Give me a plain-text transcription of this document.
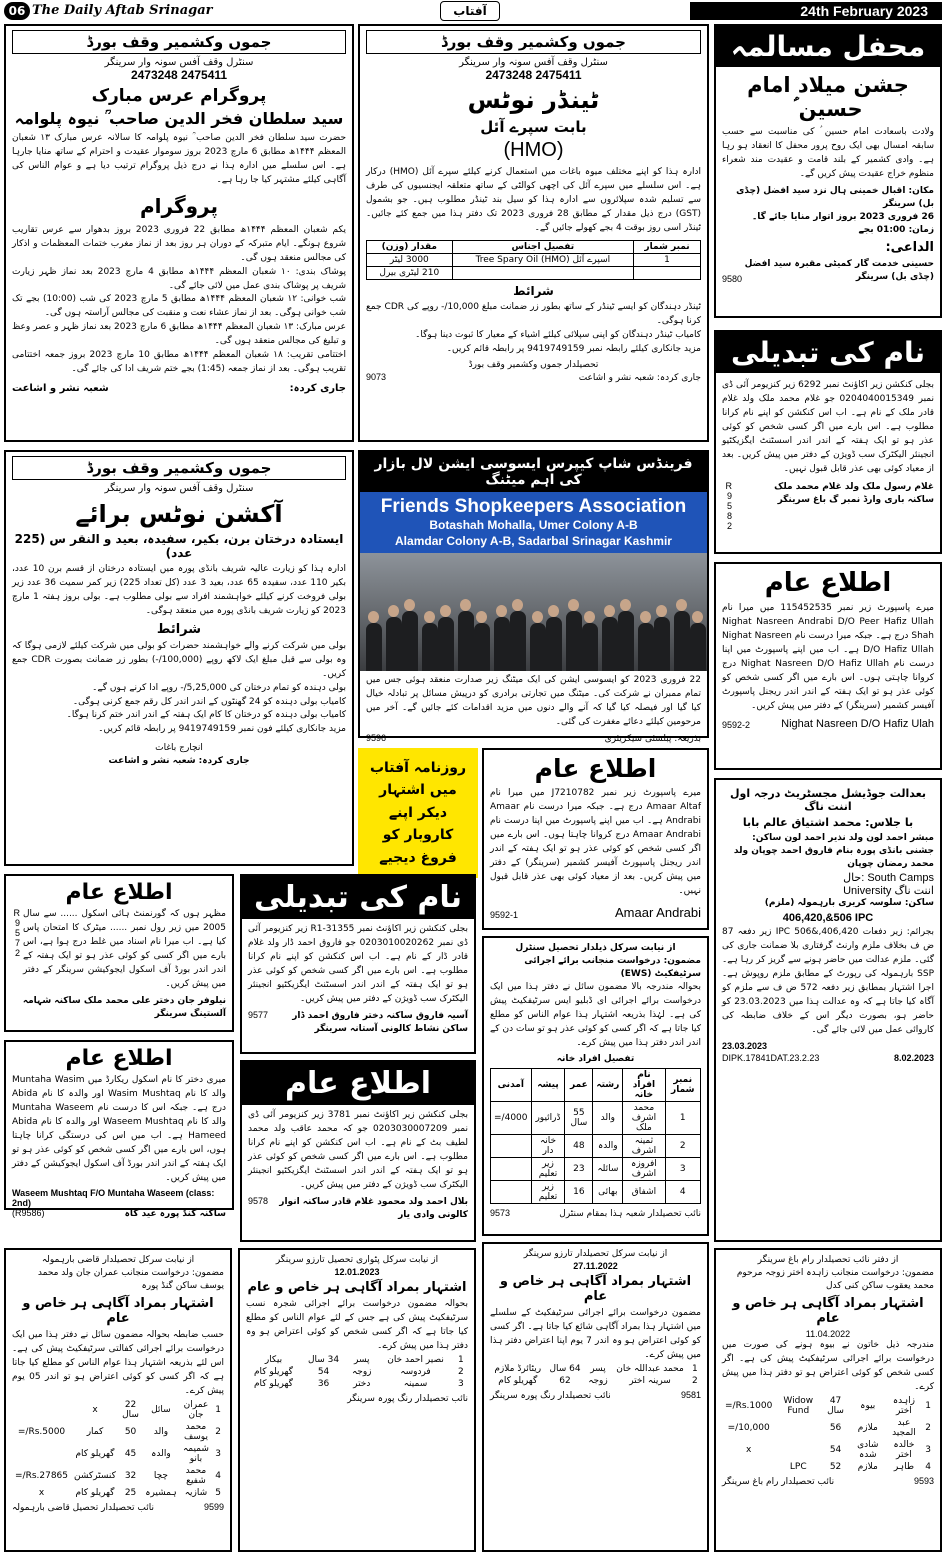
06 The Daily Aftab Srinagar	آفتاب	24th February 2023
جموں وکشمیر وقف بورڈ
سنٹرل وقف آفس سونہ وار سرینگر
2475411 2473248
پروگرام عرس مبارک
سید سلطان فخر الدین صاحب ؒ نیوہ پلوامہ
حضرت سید سلطان فخر الدین صاحب ؒ نیوہ پلوامہ کا سالانہ عرس مبارک ۱۳ شعبان المعظم ۱۴۴۴ھ مطابق 6 مارچ 2023 بروز سوموار عقیدت و احترام کے ساتھ منایا جارہا ہے۔ اس سلسلے میں ادارہ ہذا نے درج ذیل پروگرام ترتیب دیا ہے و عوام الناس کی آگاہی کیلئے مشتہر کیا جا رہا ہے۔
پروگرام
یکم شعبان المعظم ۱۴۴۴ھ مطابق 22 فروری 2023 بروز بدھوار سے عرس تقاریب شروع ہونگے۔ ایام متبرکہ کے دوران ہر روز بعد از نماز مغرب ختمات المعظمات و اذکار کی مجالس منعقد ہوں گی۔
پوشاک بندی: ۱۰ شعبان المعظم ۱۴۴۴ھ مطابق 4 مارچ 2023 بعد نماز ظہر زیارت شریف پر پوشاک بندی عمل میں لائی جائے گی۔
شب خوانی: ۱۲ شعبان المعظم ۱۴۴۴ھ مطابق 5 مارچ 2023 کی شب (10:00) بجے تک شب خوانی ہوگی۔ بعد از نماز عشاء نعت و منقبت کی مجالس آراستہ ہوں گی۔
عرس مبارک: ۱۳ شعبان المعظم ۱۴۴۴ھ مطابق 6 مارچ 2023 بعد نماز ظہر و عصر وعظ و تبلیغ کی مجالس منعقد ہوں گی۔
اختتامی تقریب: ۱۸ شعبان المعظم ۱۴۴۴ھ مطابق 10 مارچ 2023 بروز جمعہ اختتامی تقریب ہوگی۔ بعد از نماز جمعہ (1:45) بجے ختم شریف ادا کی جائے گی۔
جاری کردہ:
شعبہ نشر و اشاعت
جموں وکشمیر وقف بورڈ
سنٹرل وقف آفس سونہ وار سرینگر
2475411 2473248
ٹینڈر نوٹس
بابت سپرے آئل
(HMO)
ادارہ ہذا کو اپنے مختلف میوہ باغات میں استعمال کرنے کیلئے سپرے آئل (HMO) درکار ہے۔ اس سلسلے میں سپرے آئل کی اچھی کوالٹی کے ساتھ متعلقہ ایجنسیوں کی طرف سے تسلیم شدہ سپلائروں سے ادارہ ہذا کو سیل بند ٹینڈر مطلوب ہیں۔ جو بشمول (GST) درج ذیل مقدار کے مطابق 28 فروری 2023 تک دفتر ہذا میں جمع کئے جائیں۔ ٹینڈر اسی روز بوقت 4 بجے کھولے جائیں گے۔
نمبر شمار	تفصیل اجناس	مقدار (وزن)
1	اسپرے آئل Tree Spary Oil (HMO)	3000 لیٹر
		210 لیٹری بیرل
شرائط
ٹینڈر دہندگان کو ایسے ٹینڈر کے ساتھ بطور زر ضمانت مبلغ 10,000/- روپے کی CDR جمع کرنا ہوگی۔
کامیاب ٹینڈر دہندگان کو اپنی سپلائی کیلئے اشیاء کے معیار کا ثبوت دینا ہوگا۔
مزید جانکاری کیلئے رابطہ نمبر 9419749159 پر رابطہ قائم کریں۔
تحصیلدار جموں وکشمیر وقف بورڈ
جاری کردہ: شعبہ نشر و اشاعت
9073
محفل مسالمہ
جشن میلاد امام حسین ؑ
ولادت باسعادت امام حسین ؑ کی مناسبت سے حسب سابقہ امسال بھی ایک روح پرور محفل کا انعقاد ہو رہا ہے۔ وادی کشمیر کے بلند قامت و عقیدت مند شعراء منظوم خراج عقیدت پیش کریں گے۔
مکان: اقبال خمینی ہال نزد سید افضل (چڈی بل) سرینگر
26 فروری 2023 بروز اتوار منایا جائے گا۔
زمان: 01:00 بجے
الداعی:
حسینی خدمت گار کمیٹی مقبرہ سید افضل (چڈی بل) سرینگر
9580
نام کی تبدیلی
بجلی کنکشن زیر اکاؤنٹ نمبر 6292 زیر کنزیومر آئی ڈی نمبر 0204040015349 جو غلام محمد ملک ولد غلام قادر ملک کے نام ہے۔ اب اس کنکشن کو اپنے نام کرانا مطلوب ہے۔ اس بارے میں اگر کسی شخص کو کوئی عذر ہو تو ایک ہفتہ کے اندر اندر اسسٹنٹ ایگزیکٹیو انجینئر الیکٹرک سب ڈویژن کے دفتر میں پیش کریں۔ بعد از معیاد کوئی بھی عذر قابل قبول نہیں۔
غلام رسول ملک ولد غلام محمد ملک
ساکنہ باری وارڈ نمبر گ باغ سرینگر
R 9 5 8 2
اطلاع عام
میرے پاسپورٹ زیر نمبر 115452535 میں میرا نام Nighat Nasreen Andrabi D/O Peer Hafiz Ullah Shah درج ہے۔ جبکہ میرا درست نام Nighat Nasreen D/O Hafiz Ullah ہے۔ اب میں اپنے پاسپورٹ میں اپنا درست نام Nighat Nasreen D/O Hafiz Ullah درج کروانا چاہتی ہوں۔ اس بارے میں اگر کسی شخص کو کوئی عذر ہو تو ایک ہفتہ کے اندر اندر ریجنل پاسپورٹ آفیسر کشمیر (سرینگر) کے دفتر میں پیش کریں۔
Nighat Nasreen D/O Hafiz Ulah
9592-2
جموں وکشمیر وقف بورڈ
سنٹرل وقف آفس سونہ وار سرینگر
آکشن نوٹس برائے
ایستادہ درختان برن، بکیر، سفیدہ، بعید و النقر س (225 عدد)
ادارہ ہذا کو زیارت عالیہ شریف بانڈی پورہ میں ایستادہ درختان از قسم برن 10 عدد، بکیر 110 عدد، سفیدہ 65 عدد، بعید 3 عدد (کل تعداد 225) زیر کمر سمیت 36 عدد زیر بولی فروخت کرنے کیلئے خواہشمند افراد سے بولی مطلوب ہے۔ بولی بروز ہفتہ 1 مارچ 2023 کو زیارت شریف بانڈی پورہ میں منعقد ہوگی۔
شرائط
بولی میں شرکت کرنے والے خواہشمند حضرات کو بولی میں شرکت کیلئے لازمی ہوگا کہ وہ بولی سے قبل مبلغ ایک لاکھ روپے (100,000/-) بطور زر ضمانت بصورت CDR جمع کریں۔
بولی دہندہ کو تمام درختان کی 5,25,000/- روپے ادا کرنے ہوں گے۔
کامیاب بولی دہندہ کو 24 گھنٹوں کے اندر اندر کل رقم جمع کرنی ہوگی۔
کامیاب بولی دہندہ کو درختان کا کام ایک ہفتہ کے اندر اندر ختم کرنا ہوگا۔
مزید جانکاری کیلئے فون نمبر 9419749159 پر رابطہ قائم کریں۔
انچارج باغات
جاری کردہ: شعبہ نشر و اشاعت
فرینڈس شاپ کیپرس ایسوسی ایشن لال بازار کی اہم میٹنگ
Friends Shopkeepers Association
Botashah Mohalla, Umer Colony A-B
Alamdar Colony A-B, Sadarbal Srinagar Kashmir
22 فروری 2023 کو ایسوسی ایشن کی ایک میٹنگ زیر صدارت منعقد ہوئی جس میں تمام ممبران نے شرکت کی۔ میٹنگ میں تجارتی برادری کو درپیش مسائل پر تبادلہ خیال کیا گیا اور فیصلہ کیا گیا کہ آنے والے دنوں میں مزید اقدامات کئے جائیں گے۔ آخر میں مرحومین کیلئے دعائے مغفرت کی گئی۔
بذریعہ: پبلسٹی سیکریٹری
9596
روزنامہ آفتاب میں اشتہار دیکر اپنے کاروبار کو فروغ دیجیے
اطلاع عام
میرے پاسپورٹ زیر نمبر J7210782 میں میرا نام Amaar Altaf درج ہے۔ جبکہ میرا درست نام Amaar Andrabi ہے۔ اب میں اپنے پاسپورٹ میں اپنا درست نام Amaar Andrabi درج کروانا چاہتا ہوں۔ اس بارے میں اگر کسی شخص کو کوئی عذر ہو تو ایک ہفتہ کے اندر اندر ریجنل پاسپورٹ آفیسر کشمیر (سرینگر) کے دفتر میں پیش کریں۔ بعد از معیاد کوئی بھی عذر قابل قبول نہیں۔
Amaar Andrabi
9592-1
بعدالت جوڈیشل مجسٹریٹ درجہ اول اننت ناگ
با جلاس: محمد اشتیاق عالم بابا
مبشر احمد لون ولد نذیر احمد لون ساکن: جشنی بانڈی پورہ بنام فاروق احمد چوپان ولد محمد رمضان چوپان
حال: South Camps
University اننت ناگ
ساکن: سلوسہ کریری بارہمولہ (ملزم)
406,420,&506 IPC
بجرائم: زیر دفعات 406,420,&506 IPC زیر دفعہ 87 ض ف بخلاف ملزم وارنٹ گرفتاری بلا ضمانت جاری کی گئی۔ ملزم عدالت میں حاضر ہونے سے گریز کر رہا ہے۔ SSP بارہمولہ کی رپورٹ کے مطابق ملزم روپوش ہے۔ اجرا اشتہار بمطابق زیر دفعہ 572 ض ف سے ملزم کو آگاہ کیا جاتا ہے کہ وہ عدالت ہذا میں 23.03.2023 کو حاضر ہو، بصورت دیگر اس کے خلاف ضابطہ کی کاروائی عمل میں لائی جائے گی۔
23.03.2023
DIPK.17841DAT.23.2.23	8.02.2023
اطلاع عام
مظہر ہوں کہ گورنمنٹ ہائی اسکول ...... سے سال 2005 میں زیر رول نمبر ...... میٹرک کا امتحان پاس کیا ہے۔ اب میرا نام اسناد میں غلط درج ہوا ہے، اس بارے میں اگر کسی کو کوئی عذر ہو تو ایک ہفتہ کے اندر اندر بورڈ آف اسکول ایجوکیشن سرینگر کے دفتر میں پیش کریں۔
R 9 5 7 2
نیلوفر جان دختر علی محمد ملک ساکنہ شہامہ آلستینگ سرینگر
نام کی تبدیلی
بجلی کنکشن زیر اکاؤنٹ نمبر 31355-R1 زیر کنزیومر آئی ڈی نمبر 0203010020262 جو فاروق احمد ڈار ولد غلام قادر ڈار کے نام ہے۔ اب اس کنکشن کو اپنے نام کرانا مطلوب ہے۔ اس بارے میں اگر کسی شخص کو کوئی عذر ہو تو ایک ہفتہ کے اندر اندر اسسٹنٹ ایگزیکٹیو انجینئر الیکٹرک سب ڈویژن کے دفتر میں پیش کریں۔
آسیہ فاروق ساکنہ دختر فاروق احمد ڈار ساکن نشاط کالونی آستانہ سرینگر
9577
از نیابت سرکل ذیلدار تحصیل سنٹرل
مضمون: درخواست منجانب برائے اجرائی سرٹیفکیٹ (EWS)
بحوالہ مندرجہ بالا مضمون سائل نے دفتر ہذا میں ایک درخواست برائے اجرائی ای ڈبلیو ایس سرٹیفکیٹ پیش کی ہے۔ لہٰذا بذریعہ اشتہار ہذا عوام الناس کو مطلع کیا جاتا ہے کہ اگر کسی کو کوئی عذر ہو تو سات دن کے اندر اندر دفتر ہذا میں پیش کرے۔
تفصیل افراد خانہ
نمبر شمار	نام افراد خانہ	رشتہ	عمر	پیشہ	آمدنی
1	محمد اشرف ملک	والد	55 سال	ڈرائیور	4000/=
2	ثمینہ اشرف	والدہ	48	خانہ دار	
3	افروزہ اشرف	سائلہ	23	زیر تعلیم	
4	اشفاق	بھائی	16	زیر تعلیم	
نائب تحصیلدار شعبہ ہذا بمقام سنٹرل
9573
اطلاع عام
میری دختر کا نام اسکول ریکارڈ میں Muntaha Wasim والد کا نام Wasim Mushtaq اور والدہ کا نام Abida درج ہے۔ جبکہ اس کا درست نام Muntaha Waseem والد کا نام Waseem Mushtaq اور والدہ کا نام Abida Hameed ہے۔ اب میں اس کی درستگی کرانا چاہتا ہوں، اس بارے میں اگر کسی شخص کو کوئی عذر ہو تو ایک ہفتہ کے اندر اندر بورڈ آف اسکول ایجوکیشن کے دفتر میں پیش کریں۔
Waseem Mushtaq F/O Muntaha Waseem (class: 2nd)
ساکنہ گنڈ پورہ عید گاہ
(R9586)
اطلاع عام
بجلی کنکشن زیر اکاؤنٹ نمبر 3781 زیر کنزیومر آئی ڈی نمبر 0203030007209 جو کہ محمد عاقب ولد محمد لطیف بٹ کے نام ہے۔ اب اس کنکشن کو اپنے نام کرانا مطلوب ہے۔ اس بارے میں اگر کسی شخص کو کوئی عذر ہو تو ایک ہفتہ کے اندر اندر اسسٹنٹ ایگزیکٹیو انجینئر الیکٹرک سب ڈویژن کے دفتر میں پیش کریں۔
بلال احمد ولد محمود غلام قادر ساکنہ انوار کالونی وادی یار
9578
از نیابت سرکل تحصیلدار قاضی بارہمولہ
مضمون: درخواست منجانب عمران جان ولد محمد یوسف ساکن گنڈ پورہ
اشتہار بمراد آگاہی ہر خاص و عام
حسب ضابطہ بحوالہ مضمون سائل نے دفتر ہذا میں ایک درخواست برائے اجرائی کفالتی سرٹیفکیٹ پیش کی ہے۔ اس لئے بذریعہ اشتہار ہذا عوام الناس کو مطلع کیا جاتا ہے کہ اگر کسی کو کوئی اعتراض ہو تو اندر 05 یوم پیش کرے۔
1	عمران جان	سائل	22 سال	x	
2	محمد یوسف	والد	50	کمار	Rs.5000/=
3	شمیمہ بانو	والدہ	45	گھریلو کام	
4	محمد شفیع	چچا	32	کنسٹرکشن	Rs.27865/=
5	شازیہ	ہمشیرہ	25	گھریلو کام	x
9599
نائب تحصیلدار تحصیل قاضی بارہمولہ
از نیابت سرکل پٹواری تحصیل تارزو سرینگر
12.01.2023
اشتہار بمراد آگاہی ہر خاص و عام
بحوالہ مضمون درخواست برائے اجرائی شجرہ نسب سرٹیفکیٹ پیش کی ہے جس کے لئے عوام الناس کو مطلع کیا جاتا ہے کہ اگر کسی شخص کو کوئی اعتراض ہو وہ دفتر ہذا میں پیش کرے۔
1	نصیر احمد خان	پسر	34 سال	بیکار
2	فردوسہ	زوجہ	54	گھریلو کام
3	سمینہ	دختر	36	گھریلو کام
نائب تحصیلدار رنگ پورہ سرینگر
از نیابت سرکل تحصیلدار تارزو سرینگر
27.11.2022
اشتہار بمراد آگاہی ہر خاص و عام
مضمون درخواست برائے اجرائی سرٹیفکیٹ کے سلسلے میں اشتہار ہذا بمراد آگاہی شائع کیا جاتا ہے۔ اگر کسی کو کوئی اعتراض ہو وہ اندر 7 یوم اپنا اعتراض دفتر ہذا میں پیش کرے۔
1	محمد عبداللہ خان	پسر	64 سال	ریٹائرڈ ملازم
2	سرینہ اختر	زوجہ	62	گھریلو کام
9581
نائب تحصیلدار رنگ پورہ سرینگر
از دفتر نائب تحصیلدار رام باغ سرینگر
مضمون: درخواست منجانب زاہدہ اختر زوجہ مرحوم محمد یعقوب ساکن کنی کدل
اشتہار بمراد آگاہی ہر خاص و عام
11.04.2022
مندرجہ ذیل خاتون نے بیوہ ہونے کی صورت میں درخواست برائے اجرائی سرٹیفکیٹ پیش کی ہے۔ اگر کسی شخص کو کوئی اعتراض ہو تو دفتر ہذا میں پیش کرے۔
1	زاہدہ اختر	بیوہ	47 سال	Widow Fund	Rs.1000/=
2	عبد المجید	ملازم	56		10,000/=
3	خالدہ اختر	شادی شدہ	54		x
4	طاہر	ملازم	52	LPC	
9593
نائب تحصیلدار رام باغ سرینگر
